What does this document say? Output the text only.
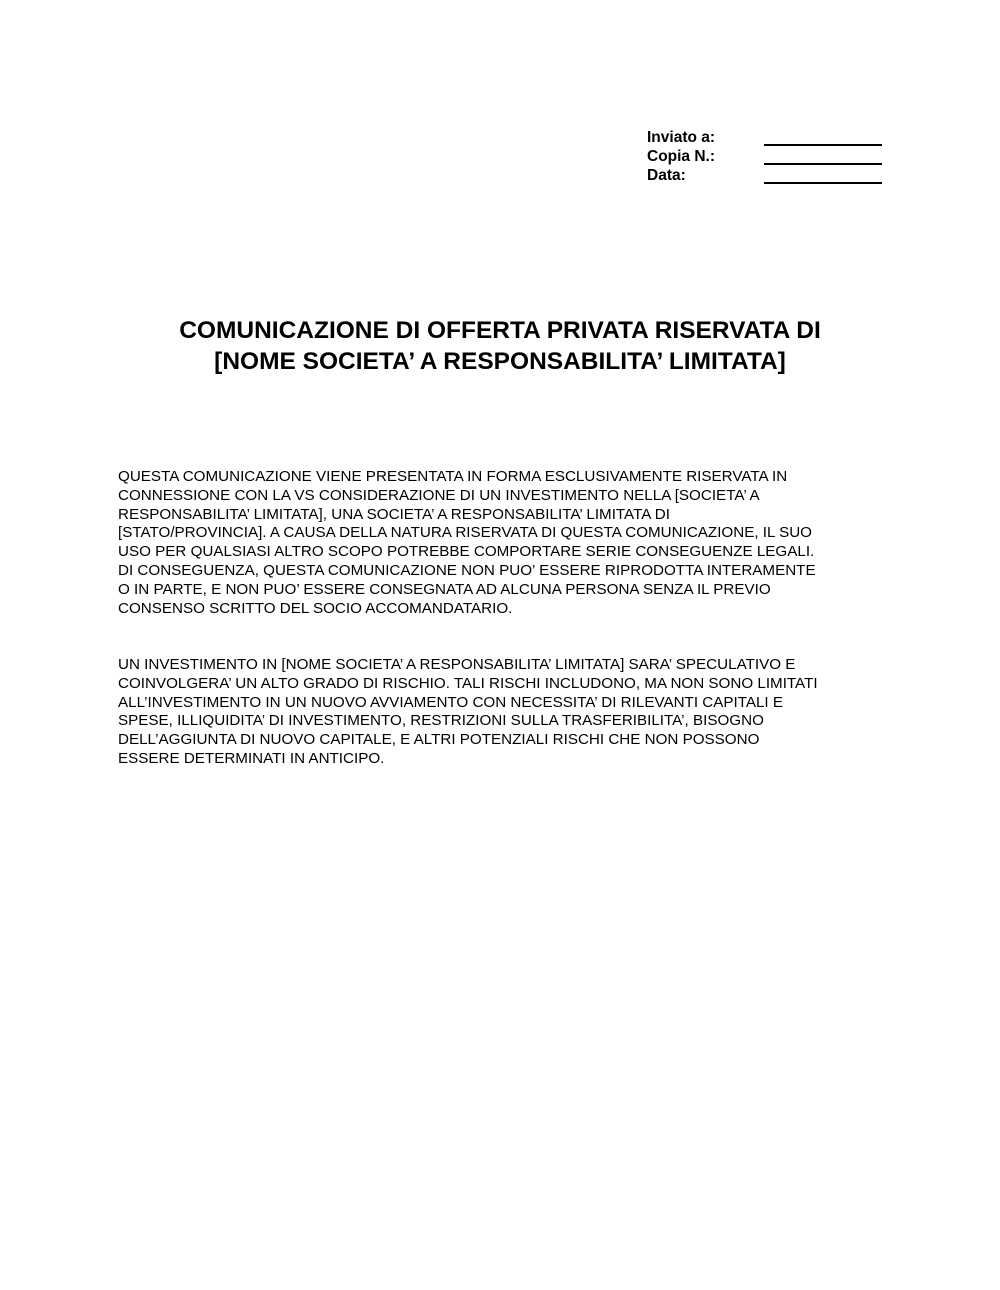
Inviato a:
Copia N.:
Data:
COMUNICAZIONE DI OFFERTA PRIVATA RISERVATA DI
[NOME SOCIETA’ A RESPONSABILITA’ LIMITATA]
QUESTA COMUNICAZIONE VIENE PRESENTATA IN FORMA ESCLUSIVAMENTE RISERVATA IN
CONNESSIONE CON LA VS CONSIDERAZIONE DI UN INVESTIMENTO NELLA [SOCIETA’ A
RESPONSABILITA’ LIMITATA], UNA SOCIETA’ A RESPONSABILITA’ LIMITATA DI
[STATO/PROVINCIA]. A CAUSA DELLA NATURA RISERVATA DI QUESTA COMUNICAZIONE, IL SUO
USO PER QUALSIASI ALTRO SCOPO POTREBBE COMPORTARE SERIE CONSEGUENZE LEGALI.
DI CONSEGUENZA, QUESTA COMUNICAZIONE NON PUO’ ESSERE RIPRODOTTA INTERAMENTE
O IN PARTE, E NON PUO’ ESSERE CONSEGNATA AD ALCUNA PERSONA SENZA IL PREVIO
CONSENSO SCRITTO DEL SOCIO ACCOMANDATARIO.
UN INVESTIMENTO IN [NOME SOCIETA’ A RESPONSABILITA’ LIMITATA] SARA’ SPECULATIVO E
COINVOLGERA’ UN ALTO GRADO DI RISCHIO. TALI RISCHI INCLUDONO, MA NON SONO LIMITATI
ALL’INVESTIMENTO IN UN NUOVO AVVIAMENTO CON NECESSITA’ DI RILEVANTI CAPITALI E
SPESE, ILLIQUIDITA’ DI INVESTIMENTO, RESTRIZIONI SULLA TRASFERIBILITA’, BISOGNO
DELL’AGGIUNTA DI NUOVO CAPITALE, E ALTRI POTENZIALI RISCHI CHE NON POSSONO
ESSERE DETERMINATI IN ANTICIPO.
